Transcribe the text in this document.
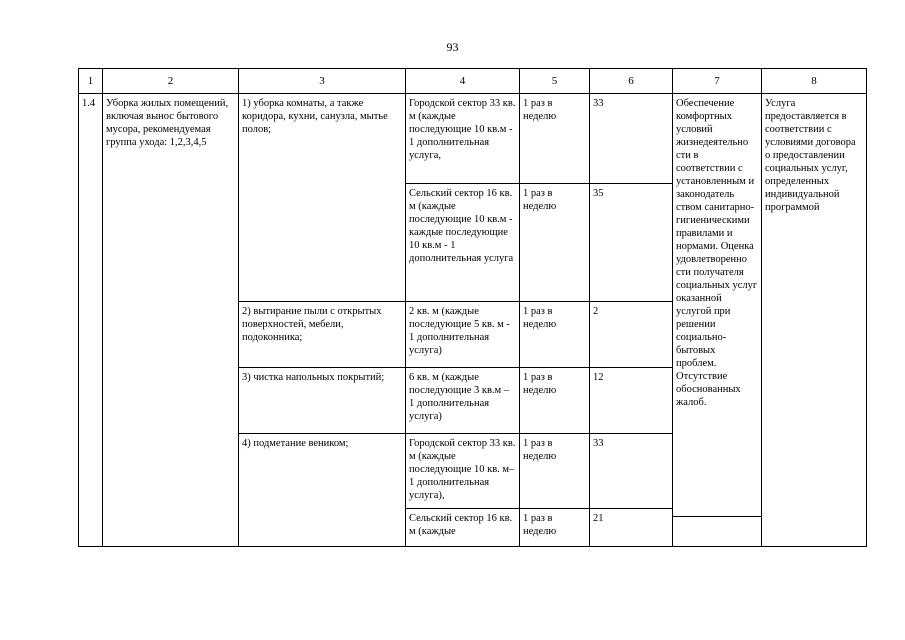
93
1	2	3	4	5	6	7	8
1.4	Уборка жилых помещений, включая вынос бытового мусора, рекомендуемая группа ухода: 1,2,3,4,5	1) уборка комнаты, а также коридора, кухни, санузла, мытье полов;	Городской сектор 33 кв. м (каждые последующие 10 кв.м - 1 дополнительная услуга,	1 раз в неделю	33	Обеспечение комфортных условий жизнедеятельно сти в соответствии с установленным и законодатель ством санитарно-гигиеническими правилами и нормами. Оценка удовлетворенно сти получателя социальных услуг оказанной услугой при решении социально-бытовых проблем. Отсутствие обоснованных жалоб.	Услуга предоставляется в соответствии с условиями договора о предоставлении социальных услуг, определенных индивидуальной программой
			Сельский сектор 16 кв. м (каждые последующие 10 кв.м - каждые последующие 10 кв.м - 1 дополнительная услуга	1 раз в неделю	35		
		2) вытирание пыли с открытых поверхностей, мебели, подоконника;	2 кв. м (каждые последующие 5 кв. м - 1 дополнительная услуга)	1 раз в неделю	2		
		3) чистка напольных покрытий;	6 кв. м (каждые последующие 3 кв.м – 1 дополнительная услуга)	1 раз в неделю	12		
		4) подметание веником;	Городской сектор 33 кв. м (каждые последующие 10 кв. м– 1 дополнительная услуга),	1 раз в неделю	33		

			Сельский сектор 16 кв. м (каждые	1 раз в неделю	21		
